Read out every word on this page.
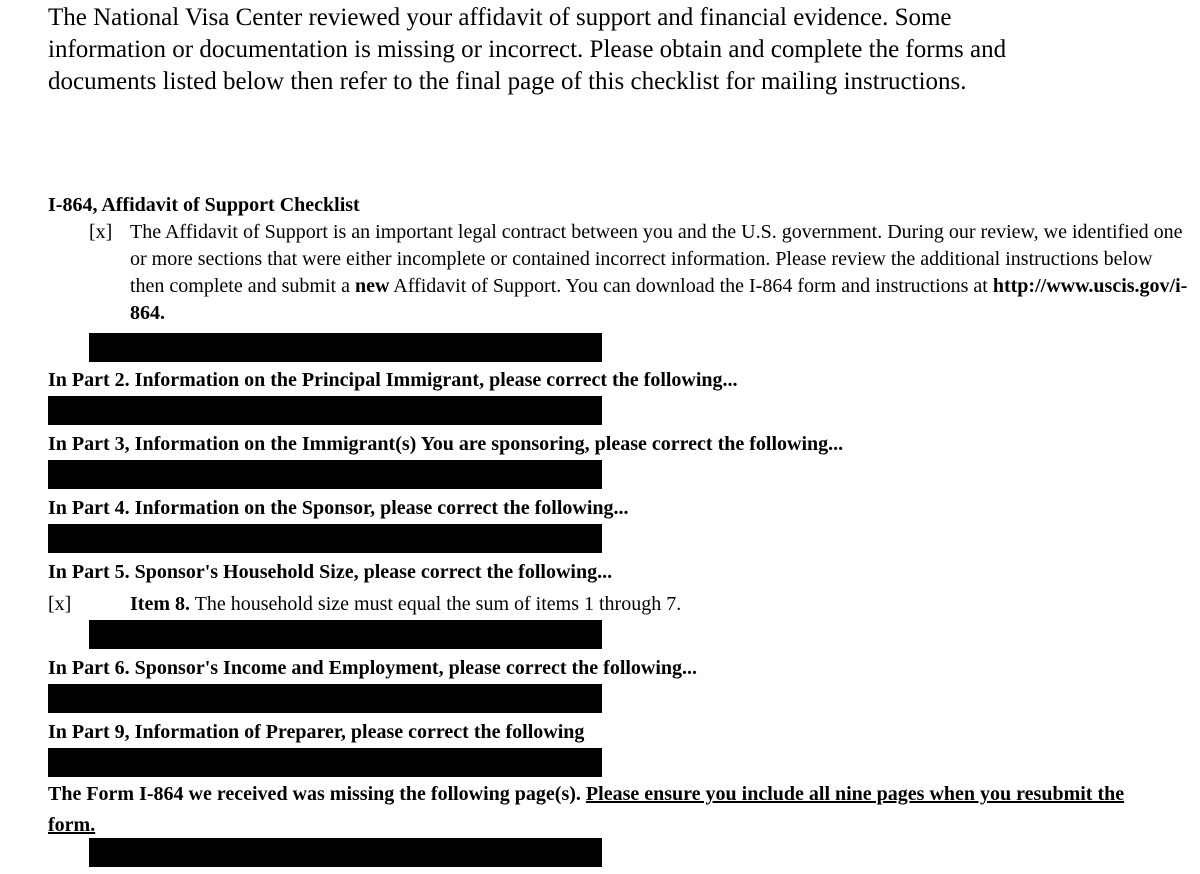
The National Visa Center reviewed your affidavit of support and financial evidence. Some
information or documentation is missing or incorrect. Please obtain and complete the forms and
documents listed below then refer to the final page of this checklist for mailing instructions.

I-864, Affidavit of Support Checklist
[x] The Affidavit of Support is an important legal contract between you and the U.S. government. During our review, we identified one or more sections that were either incomplete or contained incorrect information. Please review the additional instructions below then complete and submit a new Affidavit of Support. You can download the I-864 form and instructions at http://www.uscis.gov/i-864.
In Part 2. Information on the Principal Immigrant, please correct the following...
In Part 3, Information on the Immigrant(s) You are sponsoring, please correct the following...
In Part 4. Information on the Sponsor, please correct the following...
In Part 5. Sponsor's Household Size, please correct the following...
[x]	Item 8. The household size must equal the sum of items 1 through 7.
In Part 6. Sponsor's Income and Employment, please correct the following...
In Part 9, Information of Preparer, please correct the following
The Form I-864 we received was missing the following page(s). Please ensure you include all nine pages when you resubmit the form.
